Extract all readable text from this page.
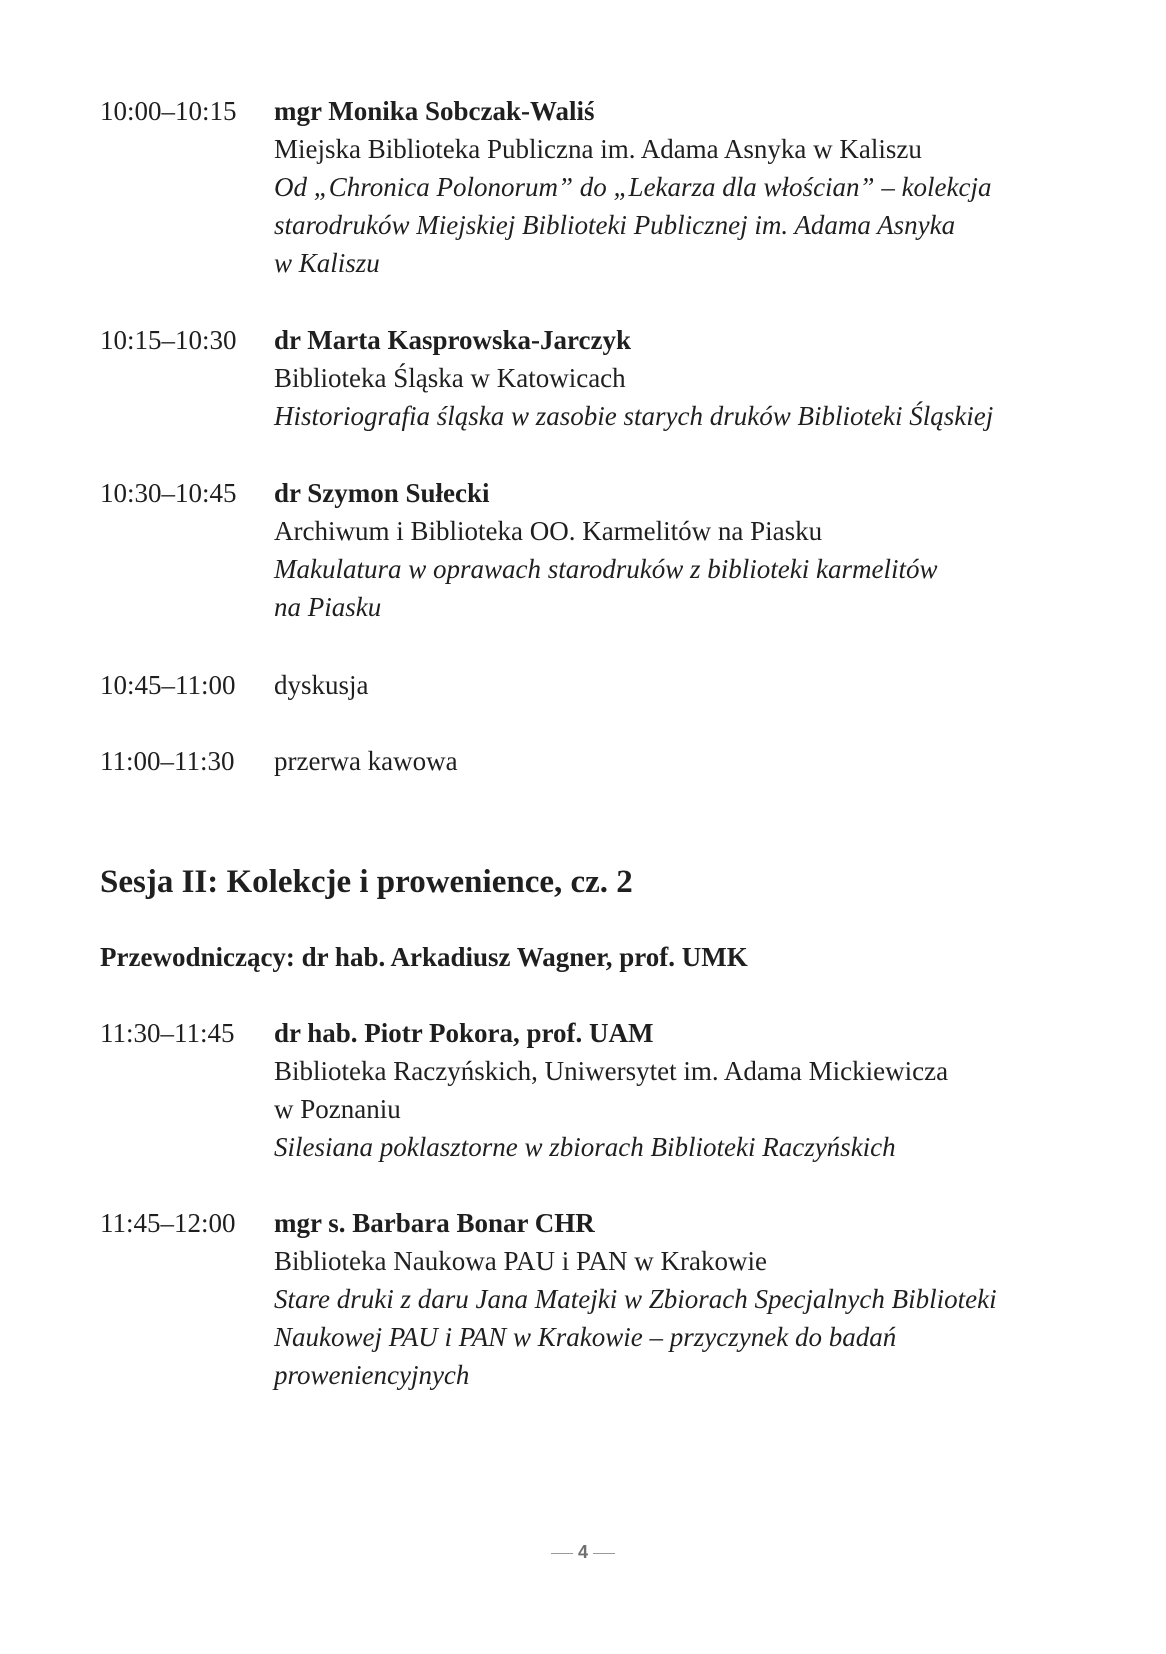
10:00–10:15	mgr Monika Sobczak-Waliś
Miejska Biblioteka Publiczna im. Adama Asnyka w Kaliszu
Od „Chronica Polonorum” do „Lekarza dla włościan” – kolekcja
starodruków Miejskiej Biblioteki Publicznej im. Adama Asnyka
w Kaliszu
10:15–10:30	dr Marta Kasprowska-Jarczyk
Biblioteka Śląska w Katowicach
Historiografia śląska w zasobie starych druków Biblioteki Śląskiej
10:30–10:45	dr Szymon Sułecki
Archiwum i Biblioteka OO. Karmelitów na Piasku
Makulatura w oprawach starodruków z biblioteki karmelitów
na Piasku
10:45–11:00	dyskusja
11:00–11:30	przerwa kawowa
Sesja II: Kolekcje i prowenience, cz. 2
Przewodniczący: dr hab. Arkadiusz Wagner, prof. UMK
11:30–11:45	dr hab. Piotr Pokora, prof. UAM
Biblioteka Raczyńskich, Uniwersytet im. Adama Mickiewicza
w Poznaniu
Silesiana poklasztorne w zbiorach Biblioteki Raczyńskich
11:45–12:00	mgr s. Barbara Bonar CHR
Biblioteka Naukowa PAU i PAN w Krakowie
Stare druki z daru Jana Matejki w Zbiorach Specjalnych Biblioteki
Naukowej PAU i PAN w Krakowie – przyczynek do badań
proweniencyjnych
4
